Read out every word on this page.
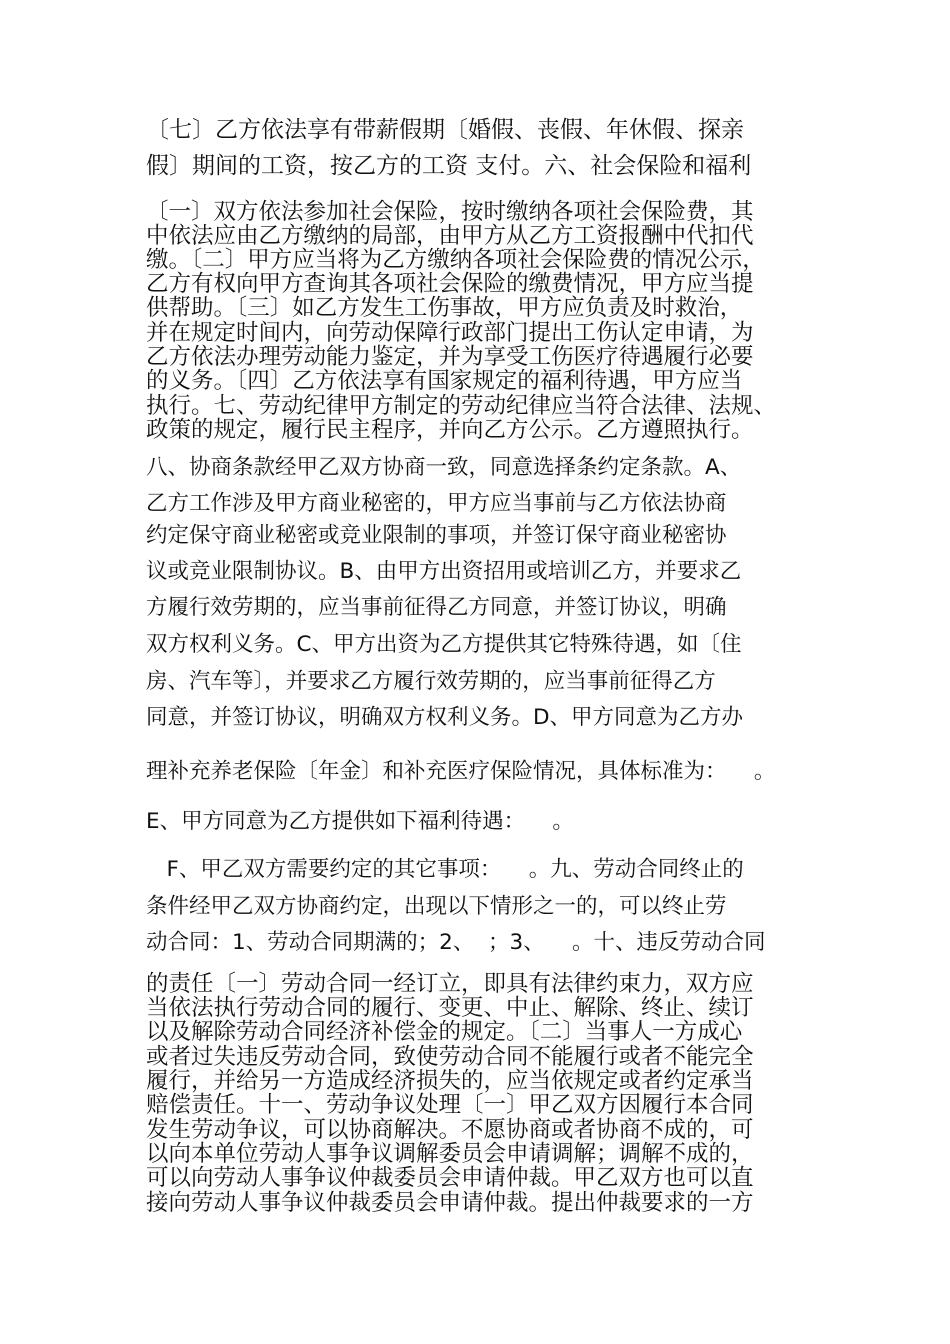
〔七〕乙方依法享有带薪假期〔婚假、丧假、年休假、探亲
假〕期间的工资，按乙方的工资 支付。六、社会保险和福利
〔一〕双方依法参加社会保险，按时缴纳各项社会保险费，其
中依法应由乙方缴纳的局部，由甲方从乙方工资报酬中代扣代
缴。〔二〕甲方应当将为乙方缴纳各项社会保险费的情况公示，
乙方有权向甲方查询其各项社会保险的缴费情况，甲方应当提
供帮助。〔三〕如乙方发生工伤事故，甲方应负责及时救治，
并在规定时间内，向劳动保障行政部门提出工伤认定申请，为
乙方依法办理劳动能力鉴定，并为享受工伤医疗待遇履行必要
的义务。〔四〕乙方依法享有国家规定的福利待遇，甲方应当
执行。七、劳动纪律甲方制定的劳动纪律应当符合法律、法规、
政策的规定，履行民主程序，并向乙方公示。乙方遵照执行。
八、协商条款经甲乙双方协商一致，同意选择条约定条款。A、
乙方工作涉及甲方商业秘密的，甲方应当事前与乙方依法协商
约定保守商业秘密或竞业限制的事项，并签订保守商业秘密协
议或竞业限制协议。B、由甲方出资招用或培训乙方，并要求乙
方履行效劳期的，应当事前征得乙方同意，并签订协议，明确
双方权利义务。C、甲方出资为乙方提供其它特殊待遇，如〔住
房、汽车等〕，并要求乙方履行效劳期的，应当事前征得乙方
同意，并签订协议，明确双方权利义务。D、甲方同意为乙方办
理补充养老保险〔年金〕和补充医疗保险情况，具体标准为：    。
E、甲方同意为乙方提供如下福利待遇：    。
F、甲乙双方需要约定的其它事项：    。九、劳动合同终止的
条件经甲乙双方协商约定，出现以下情形之一的，可以终止劳
动合同：1、劳动合同期满的；2、  ；3、    。十、违反劳动合同
的责任〔一〕劳动合同一经订立，即具有法律约束力，双方应
当依法执行劳动合同的履行、变更、中止、解除、终止、续订
以及解除劳动合同经济补偿金的规定。〔二〕当事人一方成心
或者过失违反劳动合同，致使劳动合同不能履行或者不能完全
履行，并给另一方造成经济损失的，应当依规定或者约定承当
赔偿责任。十一、劳动争议处理〔一〕甲乙双方因履行本合同
发生劳动争议，可以协商解决。不愿协商或者协商不成的，可
以向本单位劳动人事争议调解委员会申请调解；调解不成的，
可以向劳动人事争议仲裁委员会申请仲裁。甲乙双方也可以直
接向劳动人事争议仲裁委员会申请仲裁。提出仲裁要求的一方
